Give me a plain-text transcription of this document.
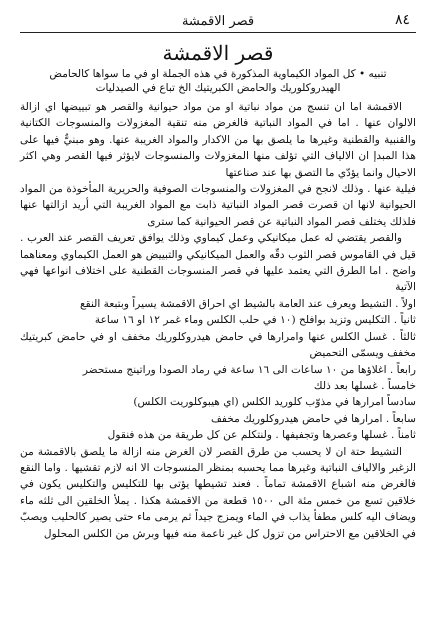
٨٤
قصر الاقمشة
قصر الاقمشة
تنبيه • كل المواد الكيماوية المذكورة في هذه الجملة او في ما سواها كالحامض الهيدروكلوريك والحامض الكبريتيك الخ تباع في الصيدليات

الاقمشة اما ان تنسج من مواد نباتية او من مواد حيوانية والقصر هو تبييضها اي ازالة الالوان عنها . اما في المواد النباتية فالغرض منه تنقية المغزولات والمنسوجات الكتانية والقنبية والقطنية وغيرها ما يلصق بها من الاكدار والمواد الغريبة عنها. وهو مبنيٌّ فيها على هذا المبدإ ان الالياف التي تؤلف منها المغزولات والمنسوجات لايؤثر فيها القصر وهي اكثر الاحيال وانما يؤدّي ما التصق بها عند صناعتها

فيلية عنها . وذلك لانجح في المغزولات والمنسوجات الصوفية والحريرية المأخوذة من المواد الحيوانية لانها ان قصرت قصر المواد النباتية ذابت مع المواد الغريبة التي أريد ازالتها عنها فلذلك يختلف قصر المواد النباتية عن قصر الحيوانية كما سترى

والقصر يقتضي له عمل ميكانيكي وعمل كيماوي وذلك يوافق تعريف القصر عند العرب . قيل في القاموس قصر الثوب دقّه والعمل الميكانيكي والتبييض هو العمل الكيماوي ومعناهما واضح . اما الطرق التي يعتمد عليها في قصر المنسوجات القطنية على اختلاف انواعها فهي الآتية

اولاً . التشيط ويعرف عند العامة بالشيط اي احراق الاقمشة يسيراً وبتبعة النقع

ثانياً . التكليس وتزيد بوافلح (١٠ في حلب الكلس وماء غمر ١٢ او ١٦ ساعة

ثالثاً . غسل الكلس عنها وامرارها في حامض هيدروكلوريك مخفف او في حامض كبريتيك مخفف ويسمّى التحميض

رابعاً . اغلاؤها من ١٠ ساعات الى ١٦ ساعة في رماد الصودا وراتينج مستحضر

خامساً . غسلها بعد ذلك

سادساً امرارها في مذوّب كلوريد الكلس (اي هيبوكلوريت الكلس)

سابعاً . امرارها في حامض هيدروكلوريك مخفف

ثامناً . غسلها وعصرها وتجفيفها . ولنتكلم عن كل طريقة من هذه فنقول

التشيط حتة ان لا يحسب من طرق القصر لان الغرض منه ازالة ما يلصق بالاقمشة من الزغبر والالياف النباتية وغيرها مما يحسبه بمنظر المنسوجات الا انه لازم تقشيها . واما النقع فالغرض منه اشباع الاقمشة تماماً . فعند تشيطها يؤتى بها للتكليس والتكليس يكون في خلاقين تسع من خمس مئة الى ١٥٠٠ قطعة من الاقمشة هكذا . يملأ الخلقين الى ثلثه ماء ويضاف اليه كلس مطفأ يذاب في الماء ويمزج جيداً ثم يرمى ماء حتى يصير كالحليب ويصبّ في الخلاقين مع الاحتراس من تزول كل غير ناعمة منه فيها وبرش من الكلس المحلول
